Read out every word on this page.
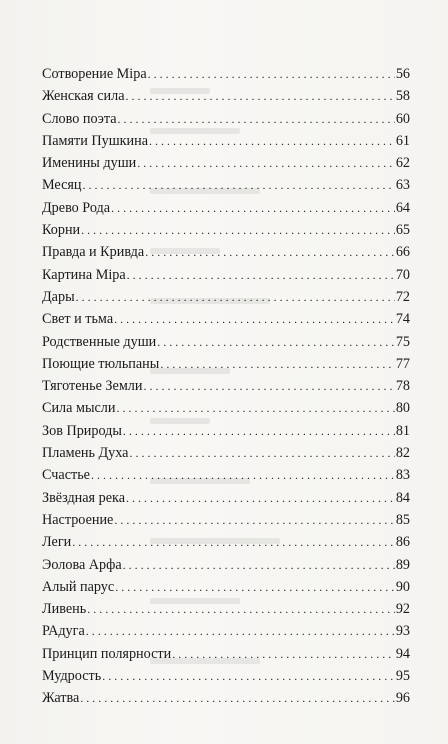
Сотворение Міра . . .	56
Женская сила . . .	58
Слово поэта . . .	60
Памяти Пушкина . . .	61
Именины души . . .	62
Месяц . . .	63
Древо Рода . . .	64
Корни . . .	65
Правда и Кривда . . .	66
Картина Міра . . .	70
Дары . . .	72
Свет и тьма . . .	74
Родственные души . . .	75
Поющие тюльпаны . . .	77
Тяготенье Земли . . .	78
Сила мысли . . .	80
Зов Природы . . .	81
Пламень Духа . . .	82
Счастье . . .	83
Звёздная река . . .	84
Настроение . . .	85
Леги . . .	86
Эолова Арфа . . .	89
Алый парус . . .	90
Ливень . . .	92
РАдуга . . .	93
Принцип полярности . . .	94
Мудрость . . .	95
Жатва . . .	96
